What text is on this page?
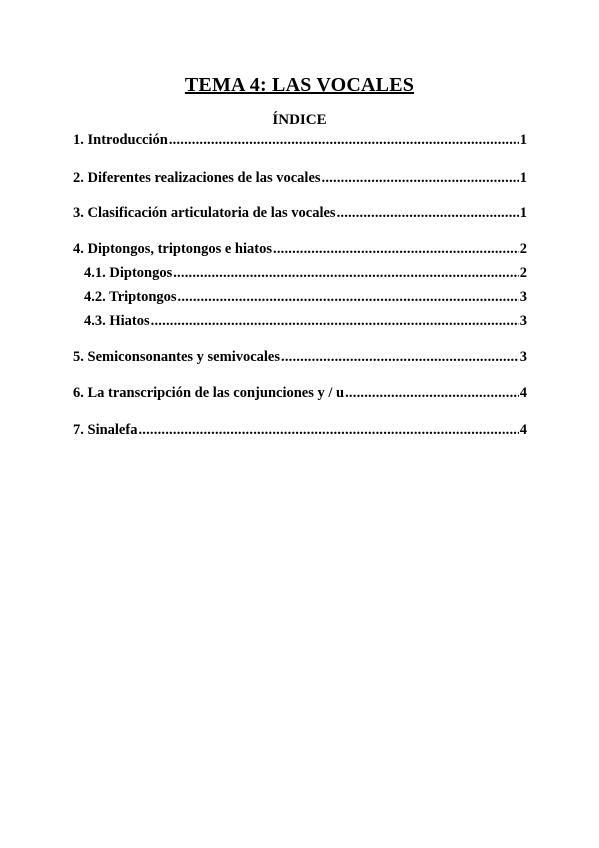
TEMA 4: LAS VOCALES
ÍNDICE
1. Introducción .....	1
2. Diferentes realizaciones de las vocales .....	1
3. Clasificación articulatoria de las vocales .....	1
4. Diptongos, triptongos e hiatos .....	2
4.1. Diptongos .....	2
4.2. Triptongos .....	3
4.3. Hiatos .....	3
5. Semiconsonantes y semivocales .....	3
6. La transcripción de las conjunciones y / u .....	4
7. Sinalefa .....	4
